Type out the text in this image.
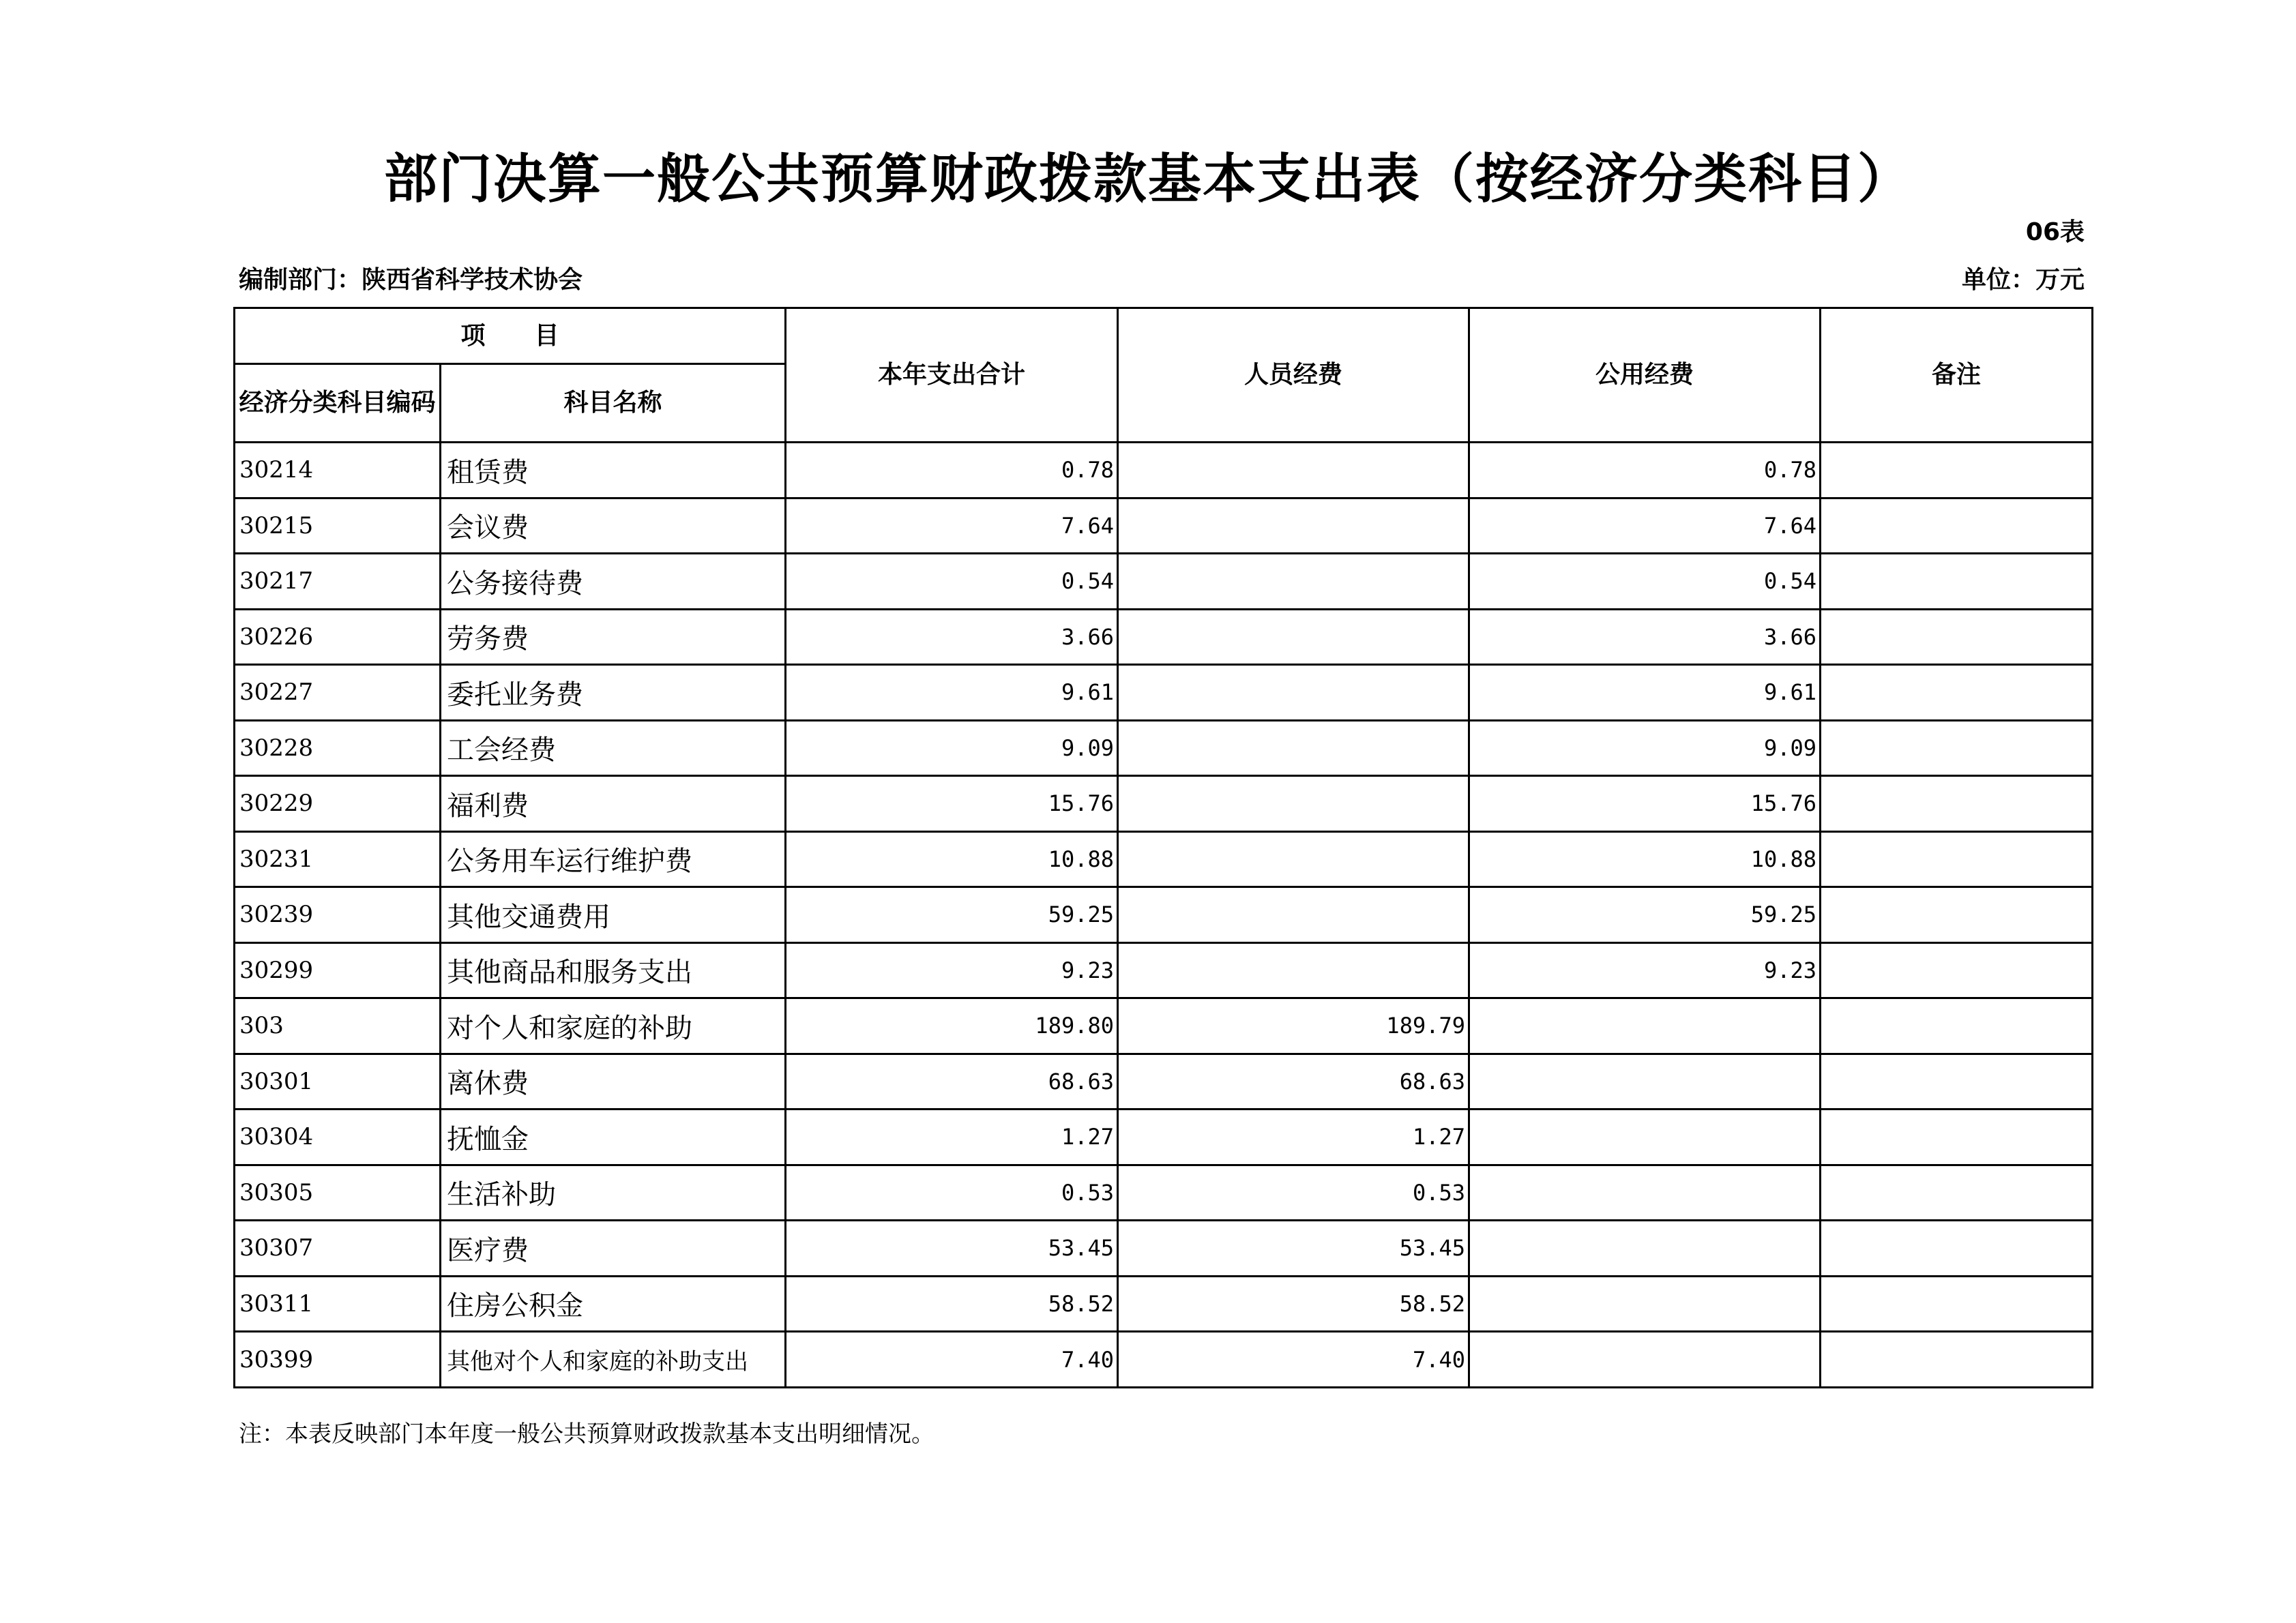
部门决算一般公共预算财政拨款基本支出表（按经济分类科目）
06表
编制部门：陕西省科学技术协会	单位：万元
项　　目		本年支出合计	人员经费	公用经费	备注
经济分类科目编码	科目名称				
30214	租赁费	0.78		0.78	
30215	会议费	7.64		7.64	
30217	公务接待费	0.54		0.54	
30226	劳务费	3.66		3.66	
30227	委托业务费	9.61		9.61	
30228	工会经费	9.09		9.09	
30229	福利费	15.76		15.76	
30231	公务用车运行维护费	10.88		10.88	
30239	其他交通费用	59.25		59.25	
30299	其他商品和服务支出	9.23		9.23	
303	对个人和家庭的补助	189.80	189.79		
30301	离休费	68.63	68.63		
30304	抚恤金	1.27	1.27		
30305	生活补助	0.53	0.53		
30307	医疗费	53.45	53.45		
30311	住房公积金	58.52	58.52		
30399	其他对个人和家庭的补助支出	7.40	7.40		
注：本表反映部门本年度一般公共预算财政拨款基本支出明细情况。
